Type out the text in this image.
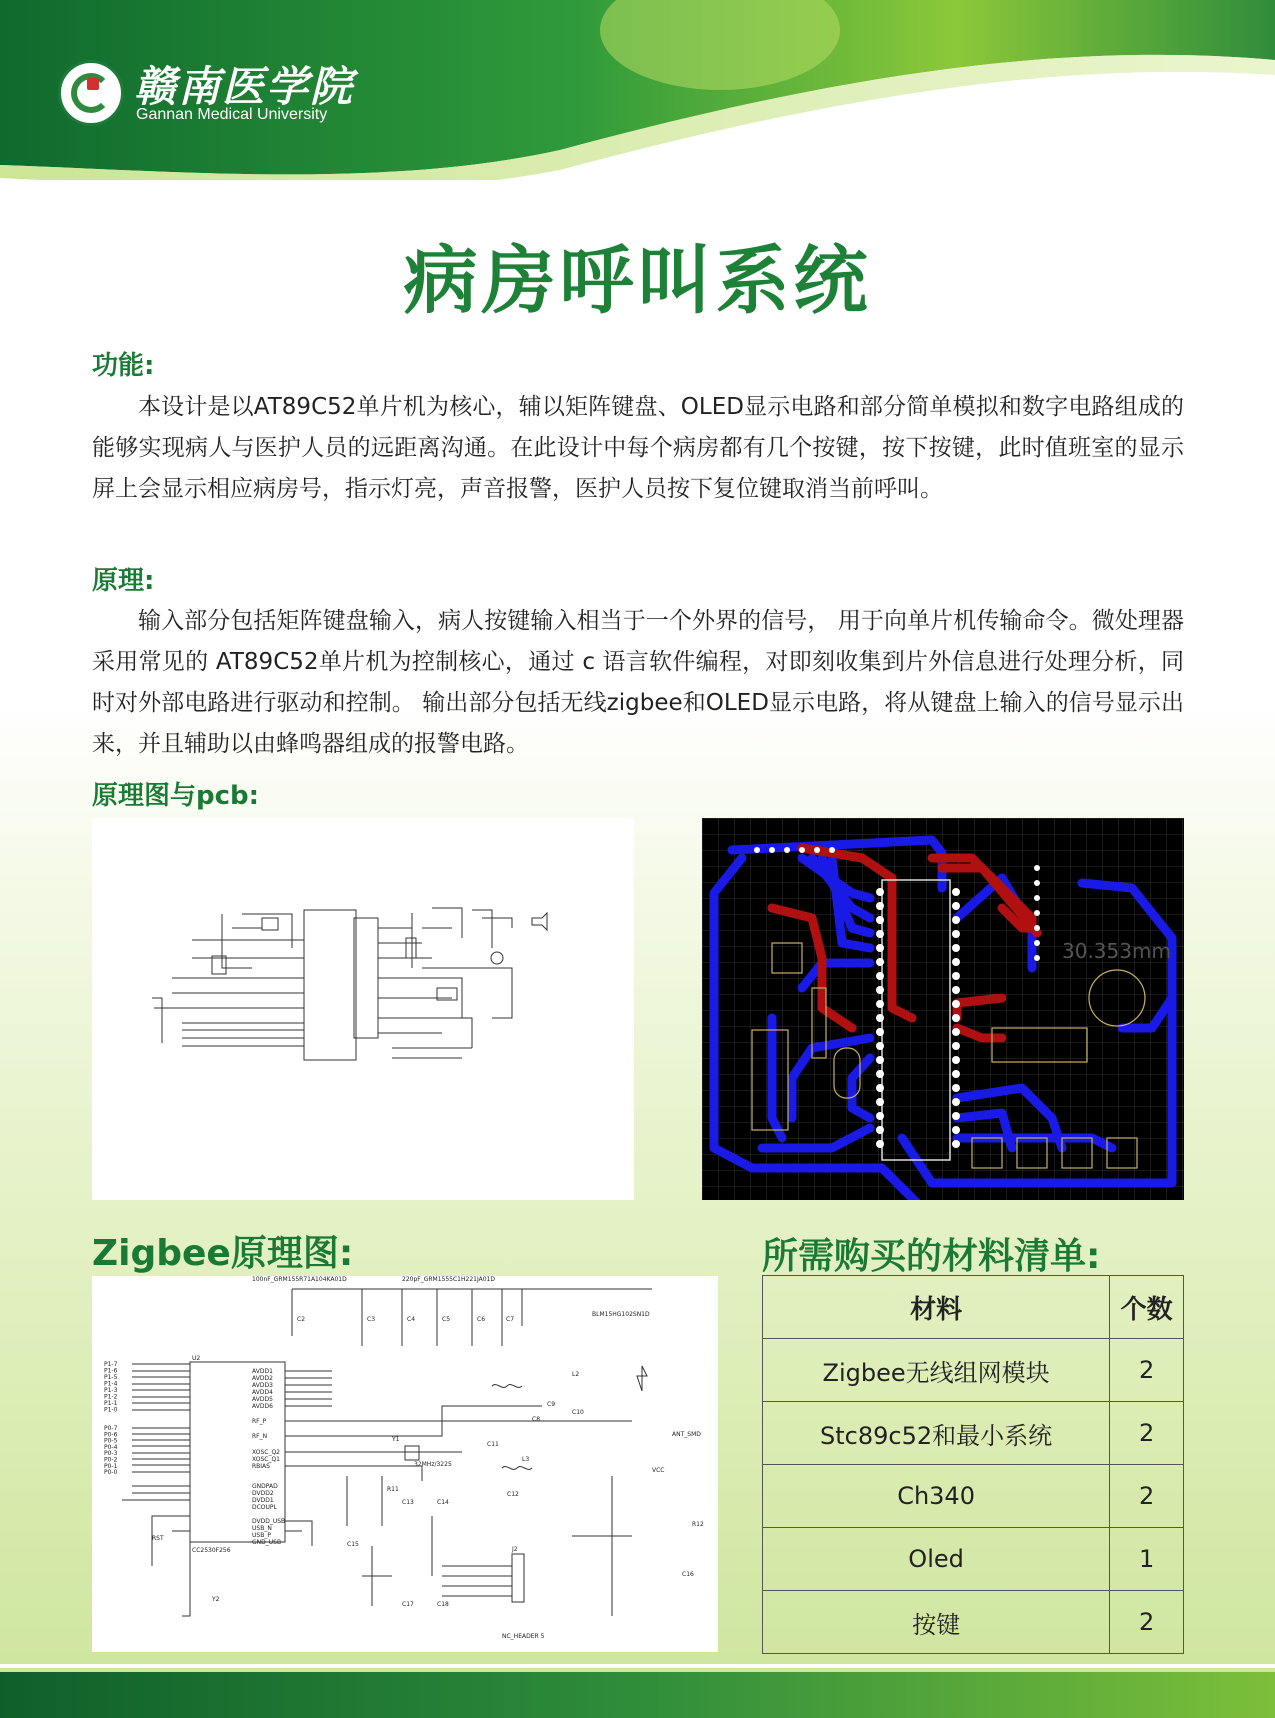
赣南医学院
Gannan Medical University
病房呼叫系统
功能:
本设计是以AT89C52单片机为核心，辅以矩阵键盘、OLED显示电路和部分简单模拟和数字电路组成的能够实现病人与医护人员的远距离沟通。在此设计中每个病房都有几个按键，按下按键，此时值班室的显示屏上会显示相应病房号，指示灯亮，声音报警，医护人员按下复位键取消当前呼叫。
原理:
输入部分包括矩阵键盘输入，病人按键输入相当于一个外界的信号， 用于向单片机传输命令。微处理器采用常见的 AT89C52单片机为控制核心，通过 c 语言软件编程，对即刻收集到片外信息进行处理分析，同时对外部电路进行驱动和控制。 输出部分包括无线zigbee和OLED显示电路，将从键盘上输入的信号显示出来，并且辅助以由蜂鸣器组成的报警电路。
原理图与pcb:
30.353mm
Zigbee原理图:
100nF_GRM155R71A104KA01D	220pF_GRM1555C1H221JA01D
BLM15HG102SN1D
U2
CC2530F256
32MHz/3225
ANT_SMD
J2
NC_HEADER 5
VCC
RST
P1-7
P1-6
P1-5
P1-4
P1-3
P1-2
P1-1
P1-0
P0-7
P0-6
P0-5
P0-4
P0-3
P0-2
P0-1
P0-0
AVDD1
AVDD2
AVDD3
AVDD4
AVDD5
AVDD6
RF_P
RF_N
XOSC_Q2
XOSC_Q1
RBIAS
GNDPAD
DVDD2
DVDD1
DCOUPL
DVDD_USB
USB_N
USB_P
GND_USB
C2	C3	C4	C5	C6	C7
C8
C9
C10
C11
C12
C13	C14
C15
C16
C17	C18
L2
L3
R11
R12
Y1
Y2
所需购买的材料清单:
材料	个数
Zigbee无线组网模块	2
Stc89c52和最小系统	2
Ch340	2
Oled	1
按键	2
